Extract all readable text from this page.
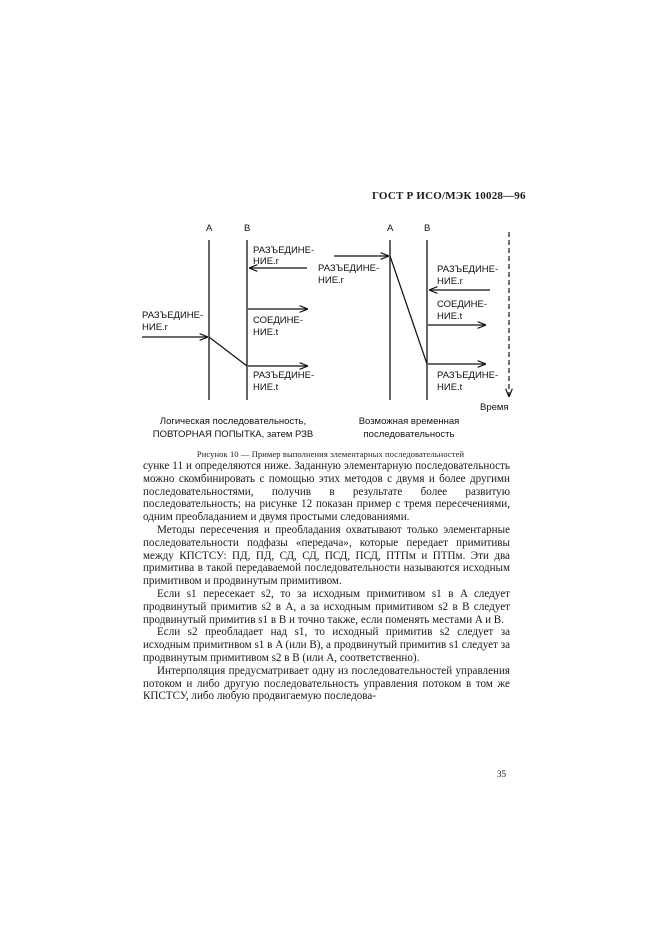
ГОСТ Р ИСО/МЭК 10028—96
A	B
РАЗЪЕДИНЕ-
НИЕ.r
РАЗЪЕДИНЕ-
НИЕ.r
СОЕДИНЕ-
НИЕ.t
РАЗЪЕДИНЕ-
НИЕ.t
Логическая последовательность,
ПОВТОРНАЯ ПОПЫТКА, затем РЗВ
A	B
РАЗЪЕДИНЕ-
НИЕ.r
РАЗЪЕДИНЕ-
НИЕ.r
СОЕДИНЕ-
НИЕ.t
РАЗЪЕДИНЕ-
НИЕ.t
Время
Возможная временная
последовательность
Рисунок 10 — Пример выполнения элементарных последовательностей

сунке 11 и определяются ниже. Заданную элементарную последовательность можно скомбинировать с помощью этих методов с двумя и более другими последовательностями, получив в результате более развитую последовательность; на рисунке 12 показан пример с тремя пересечениями, одним преобладанием и двумя простыми следованиями.

Методы пересечения и преобладания охватывают только элементарные последовательности подфазы «передача», которые передает примитивы между КПСТСУ: ПД, ПД, СД, СД, ПСД, ПСД, ПТПм и ПТПм. Эти два примитива в такой передаваемой последовательности называются исходным примитивом и продвинутым примитивом.

Если s1 пересекает s2, то за исходным примитивом s1 в A следует продвинутый примитив s2 в A, а за исходным примитивом s2 в B следует продвинутый примитив s1 в B и точно также, если поменять местами A и B.

Если s2 преобладает над s1, то исходный примитив s2 следует за исходным примитивом s1 в A (или B), а продвинутый примитив s1 следует за продвинутым примитивом s2 в B (или A, соответственно).

Интерполяция предусматривает одну из последовательностей управления потоком и либо другую последовательность управления потоком в том же КПСТСУ, либо любую продвигаемую последова-

35
